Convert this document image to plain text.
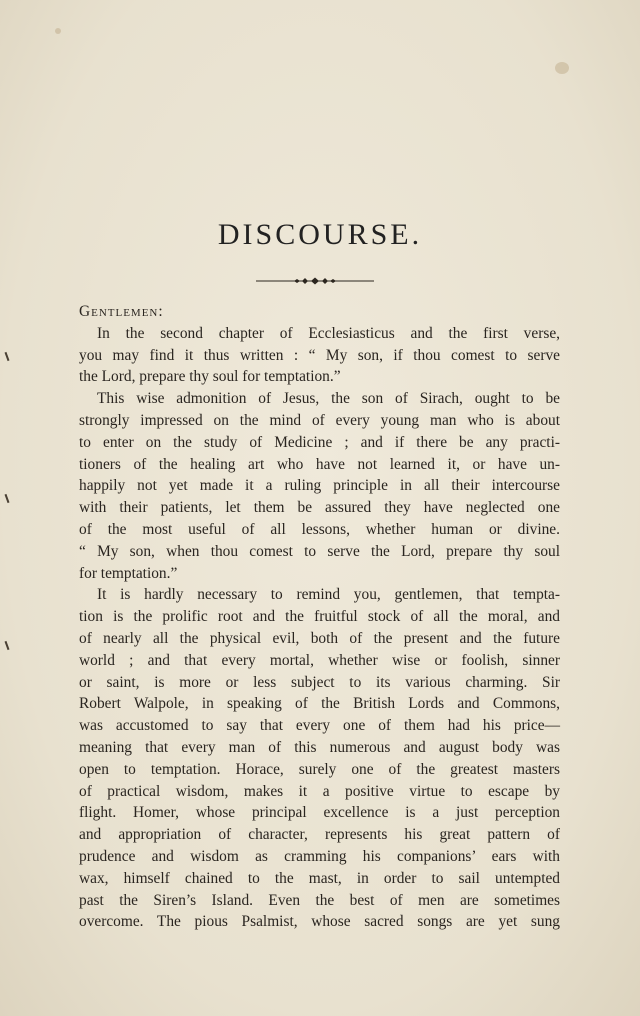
DISCOURSE.
Gentlemen:
In the second chapter of Ecclesiasticus and the first verse,
you may find it thus written : “ My son, if thou comest to serve
the Lord, prepare thy soul for temptation.”
This wise admonition of Jesus, the son of Sirach, ought to be
strongly impressed on the mind of every young man who is about
to enter on the study of Medicine ; and if there be any practi-
tioners of the healing art who have not learned it, or have un-
happily not yet made it a ruling principle in all their intercourse
with their patients, let them be assured they have neglected one
of the most useful of all lessons, whether human or divine.
“ My son, when thou comest to serve the Lord, prepare thy soul
for temptation.”
It is hardly necessary to remind you, gentlemen, that tempta-
tion is the prolific root and the fruitful stock of all the moral, and
of nearly all the physical evil, both of the present and the future
world ; and that every mortal, whether wise or foolish, sinner
or saint, is more or less subject to its various charming. Sir
Robert Walpole, in speaking of the British Lords and Commons,
was accustomed to say that every one of them had his price—
meaning that every man of this numerous and august body was
open to temptation. Horace, surely one of the greatest masters
of practical wisdom, makes it a positive virtue to escape by
flight. Homer, whose principal excellence is a just perception
and appropriation of character, represents his great pattern of
prudence and wisdom as cramming his companions’ ears with
wax, himself chained to the mast, in order to sail untempted
past the Siren’s Island. Even the best of men are sometimes
overcome. The pious Psalmist, whose sacred songs are yet sung
